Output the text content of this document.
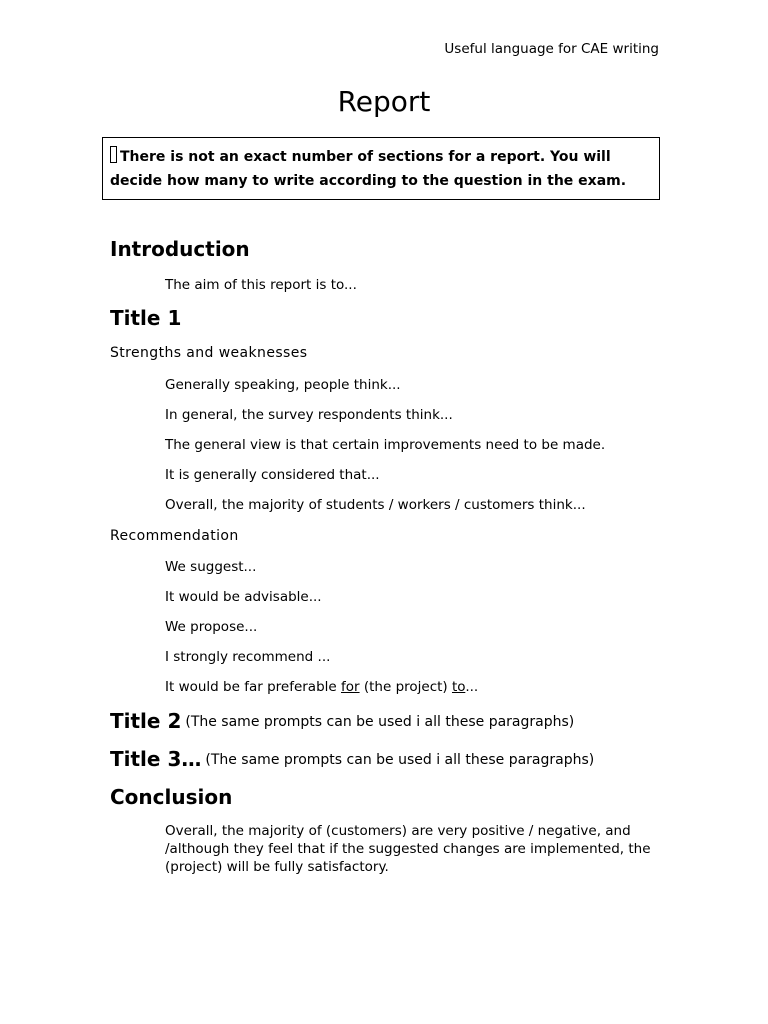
Useful language for CAE writing
Report
There is not an exact number of sections for a report. You will decide how many to write according to the question in the exam.
Introduction
The aim of this report is to...
Title 1
Strengths and weaknesses
Generally speaking, people think...
In general, the survey respondents think...
The general view is that certain improvements need to be made.
It is generally considered that...
Overall, the majority of students / workers / customers think...
Recommendation
We suggest...
It would be advisable...
We propose...
I strongly recommend ...
It would be far preferable for (the project) to...
Title 2 (The same prompts can be used i all these paragraphs)
Title 3… (The same prompts can be used i all these paragraphs)
Conclusion
Overall, the majority of (customers) are very positive / negative, and /although they feel that if the suggested changes are implemented, the (project) will be fully satisfactory.
